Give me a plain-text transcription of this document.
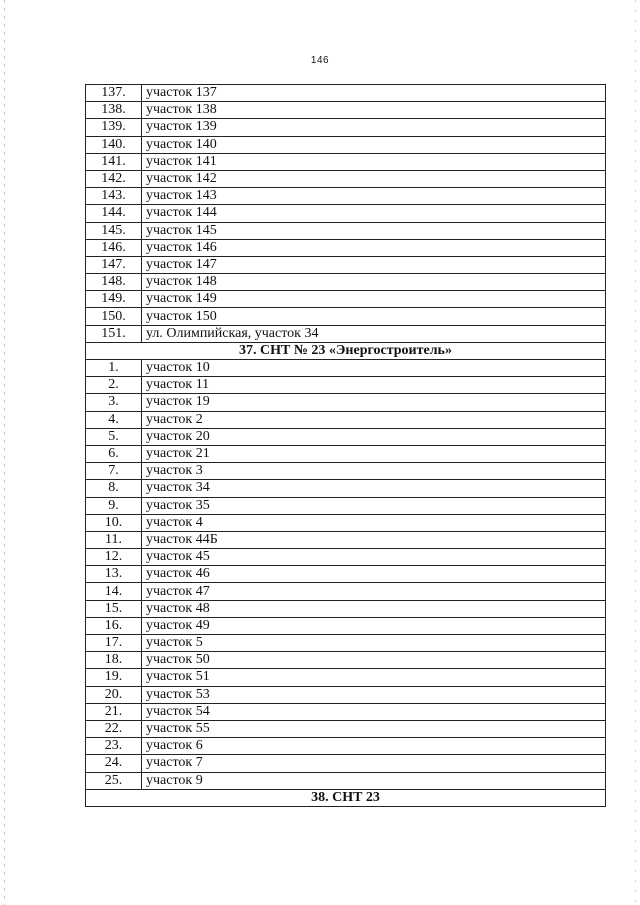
146
137.	участок 137
138.	участок 138
139.	участок 139
140.	участок 140
141.	участок 141
142.	участок 142
143.	участок 143
144.	участок 144
145.	участок 145
146.	участок 146
147.	участок 147
148.	участок 148
149.	участок 149
150.	участок 150
151.	ул. Олимпийская, участок 34
37. СНТ № 23 «Энергостроитель»	
1.	участок 10
2.	участок 11
3.	участок 19
4.	участок 2
5.	участок 20
6.	участок 21
7.	участок 3
8.	участок 34
9.	участок 35
10.	участок 4
11.	участок 44Б
12.	участок 45
13.	участок 46
14.	участок 47
15.	участок 48
16.	участок 49
17.	участок 5
18.	участок 50
19.	участок 51
20.	участок 53
21.	участок 54
22.	участок 55
23.	участок 6
24.	участок 7
25.	участок 9
38. СНТ 23	
